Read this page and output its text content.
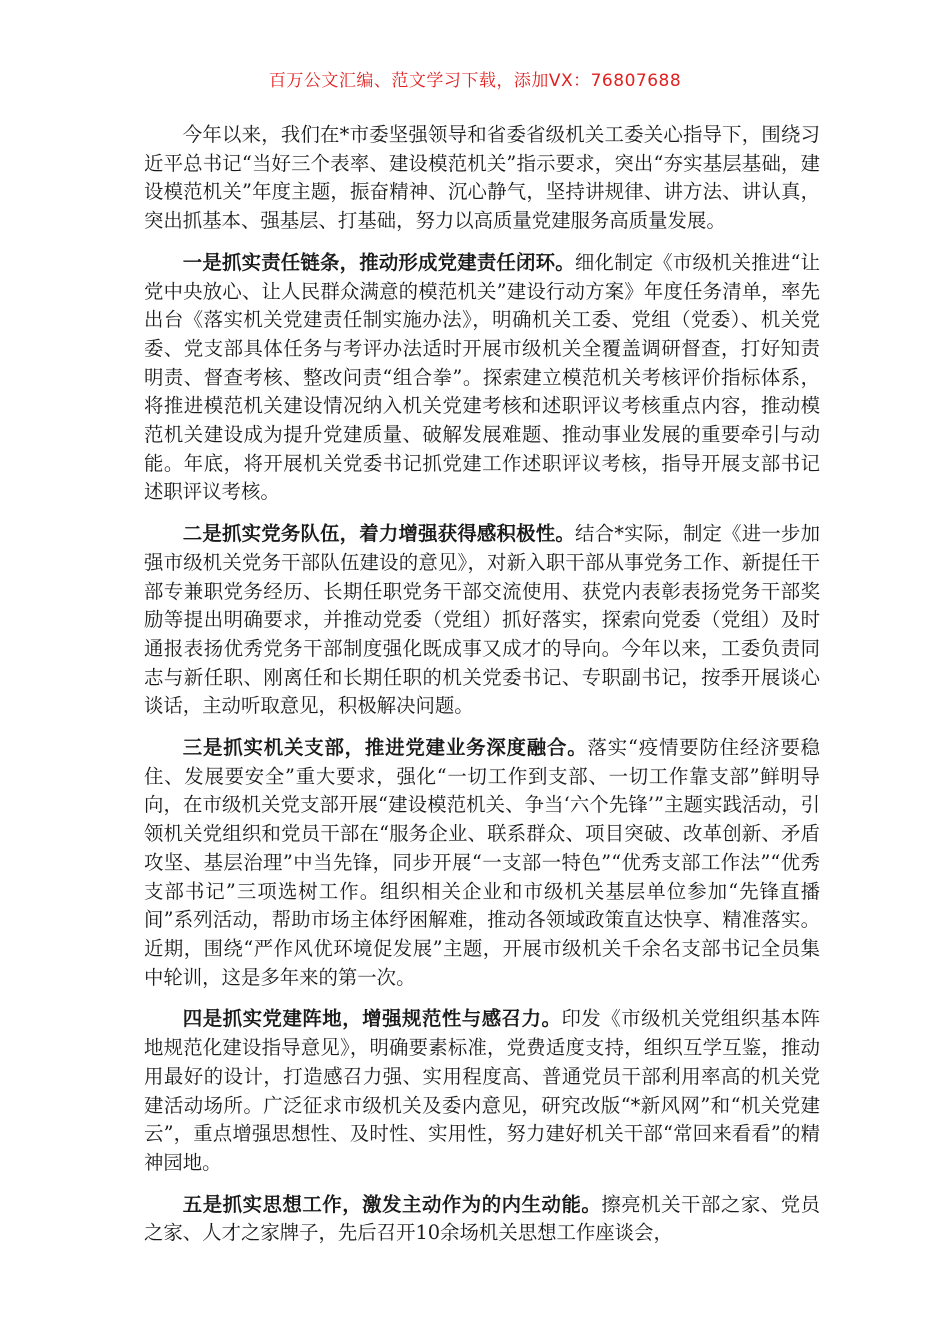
百万公文汇编、范文学习下载，添加VX：76807688

今年以来，我们在*市委坚强领导和省委省级机关工委关心指导下，围绕习近平总书记“当好三个表率、建设模范机关”指示要求，突出“夯实基层基础，建设模范机关”年度主题，振奋精神、沉心静气，坚持讲规律、讲方法、讲认真，突出抓基本、强基层、打基础，努力以高质量党建服务高质量发展。

一是抓实责任链条，推动形成党建责任闭环。细化制定《市级机关推进“让党中央放心、让人民群众满意的模范机关”建设行动方案》年度任务清单，率先出台《落实机关党建责任制实施办法》，明确机关工委、党组（党委）、机关党委、党支部具体任务与考评办法适时开展市级机关全覆盖调研督查，打好知责明责、督查考核、整改问责“组合拳”。探索建立模范机关考核评价指标体系，将推进模范机关建设情况纳入机关党建考核和述职评议考核重点内容，推动模范机关建设成为提升党建质量、破解发展难题、推动事业发展的重要牵引与动能。年底，将开展机关党委书记抓党建工作述职评议考核，指导开展支部书记述职评议考核。

二是抓实党务队伍，着力增强获得感积极性。结合*实际，制定《进一步加强市级机关党务干部队伍建设的意见》，对新入职干部从事党务工作、新提任干部专兼职党务经历、长期任职党务干部交流使用、获党内表彰表扬党务干部奖励等提出明确要求，并推动党委（党组）抓好落实，探索向党委（党组）及时通报表扬优秀党务干部制度强化既成事又成才的导向。今年以来，工委负责同志与新任职、刚离任和长期任职的机关党委书记、专职副书记，按季开展谈心谈话，主动听取意见，积极解决问题。

三是抓实机关支部，推进党建业务深度融合。落实“疫情要防住经济要稳住、发展要安全”重大要求，强化“一切工作到支部、一切工作靠支部”鲜明导向，在市级机关党支部开展“建设模范机关、争当‘六个先锋’”主题实践活动，引领机关党组织和党员干部在“服务企业、联系群众、项目突破、改革创新、矛盾攻坚、基层治理”中当先锋，同步开展“一支部一特色”“优秀支部工作法”“优秀支部书记”三项选树工作。组织相关企业和市级机关基层单位参加“先锋直播间”系列活动，帮助市场主体纾困解难，推动各领域政策直达快享、精准落实。近期，围绕“严作风优环境促发展”主题，开展市级机关千余名支部书记全员集中轮训，这是多年来的第一次。

四是抓实党建阵地，增强规范性与感召力。印发《市级机关党组织基本阵地规范化建设指导意见》，明确要素标准，党费适度支持，组织互学互鉴，推动用最好的设计，打造感召力强、实用程度高、普通党员干部利用率高的机关党建活动场所。广泛征求市级机关及委内意见，研究改版“*新风网”和“机关党建云”，重点增强思想性、及时性、实用性，努力建好机关干部“常回来看看”的精神园地。

五是抓实思想工作，激发主动作为的内生动能。擦亮机关干部之家、党员之家、人才之家牌子，先后召开10余场机关思想工作座谈会，
